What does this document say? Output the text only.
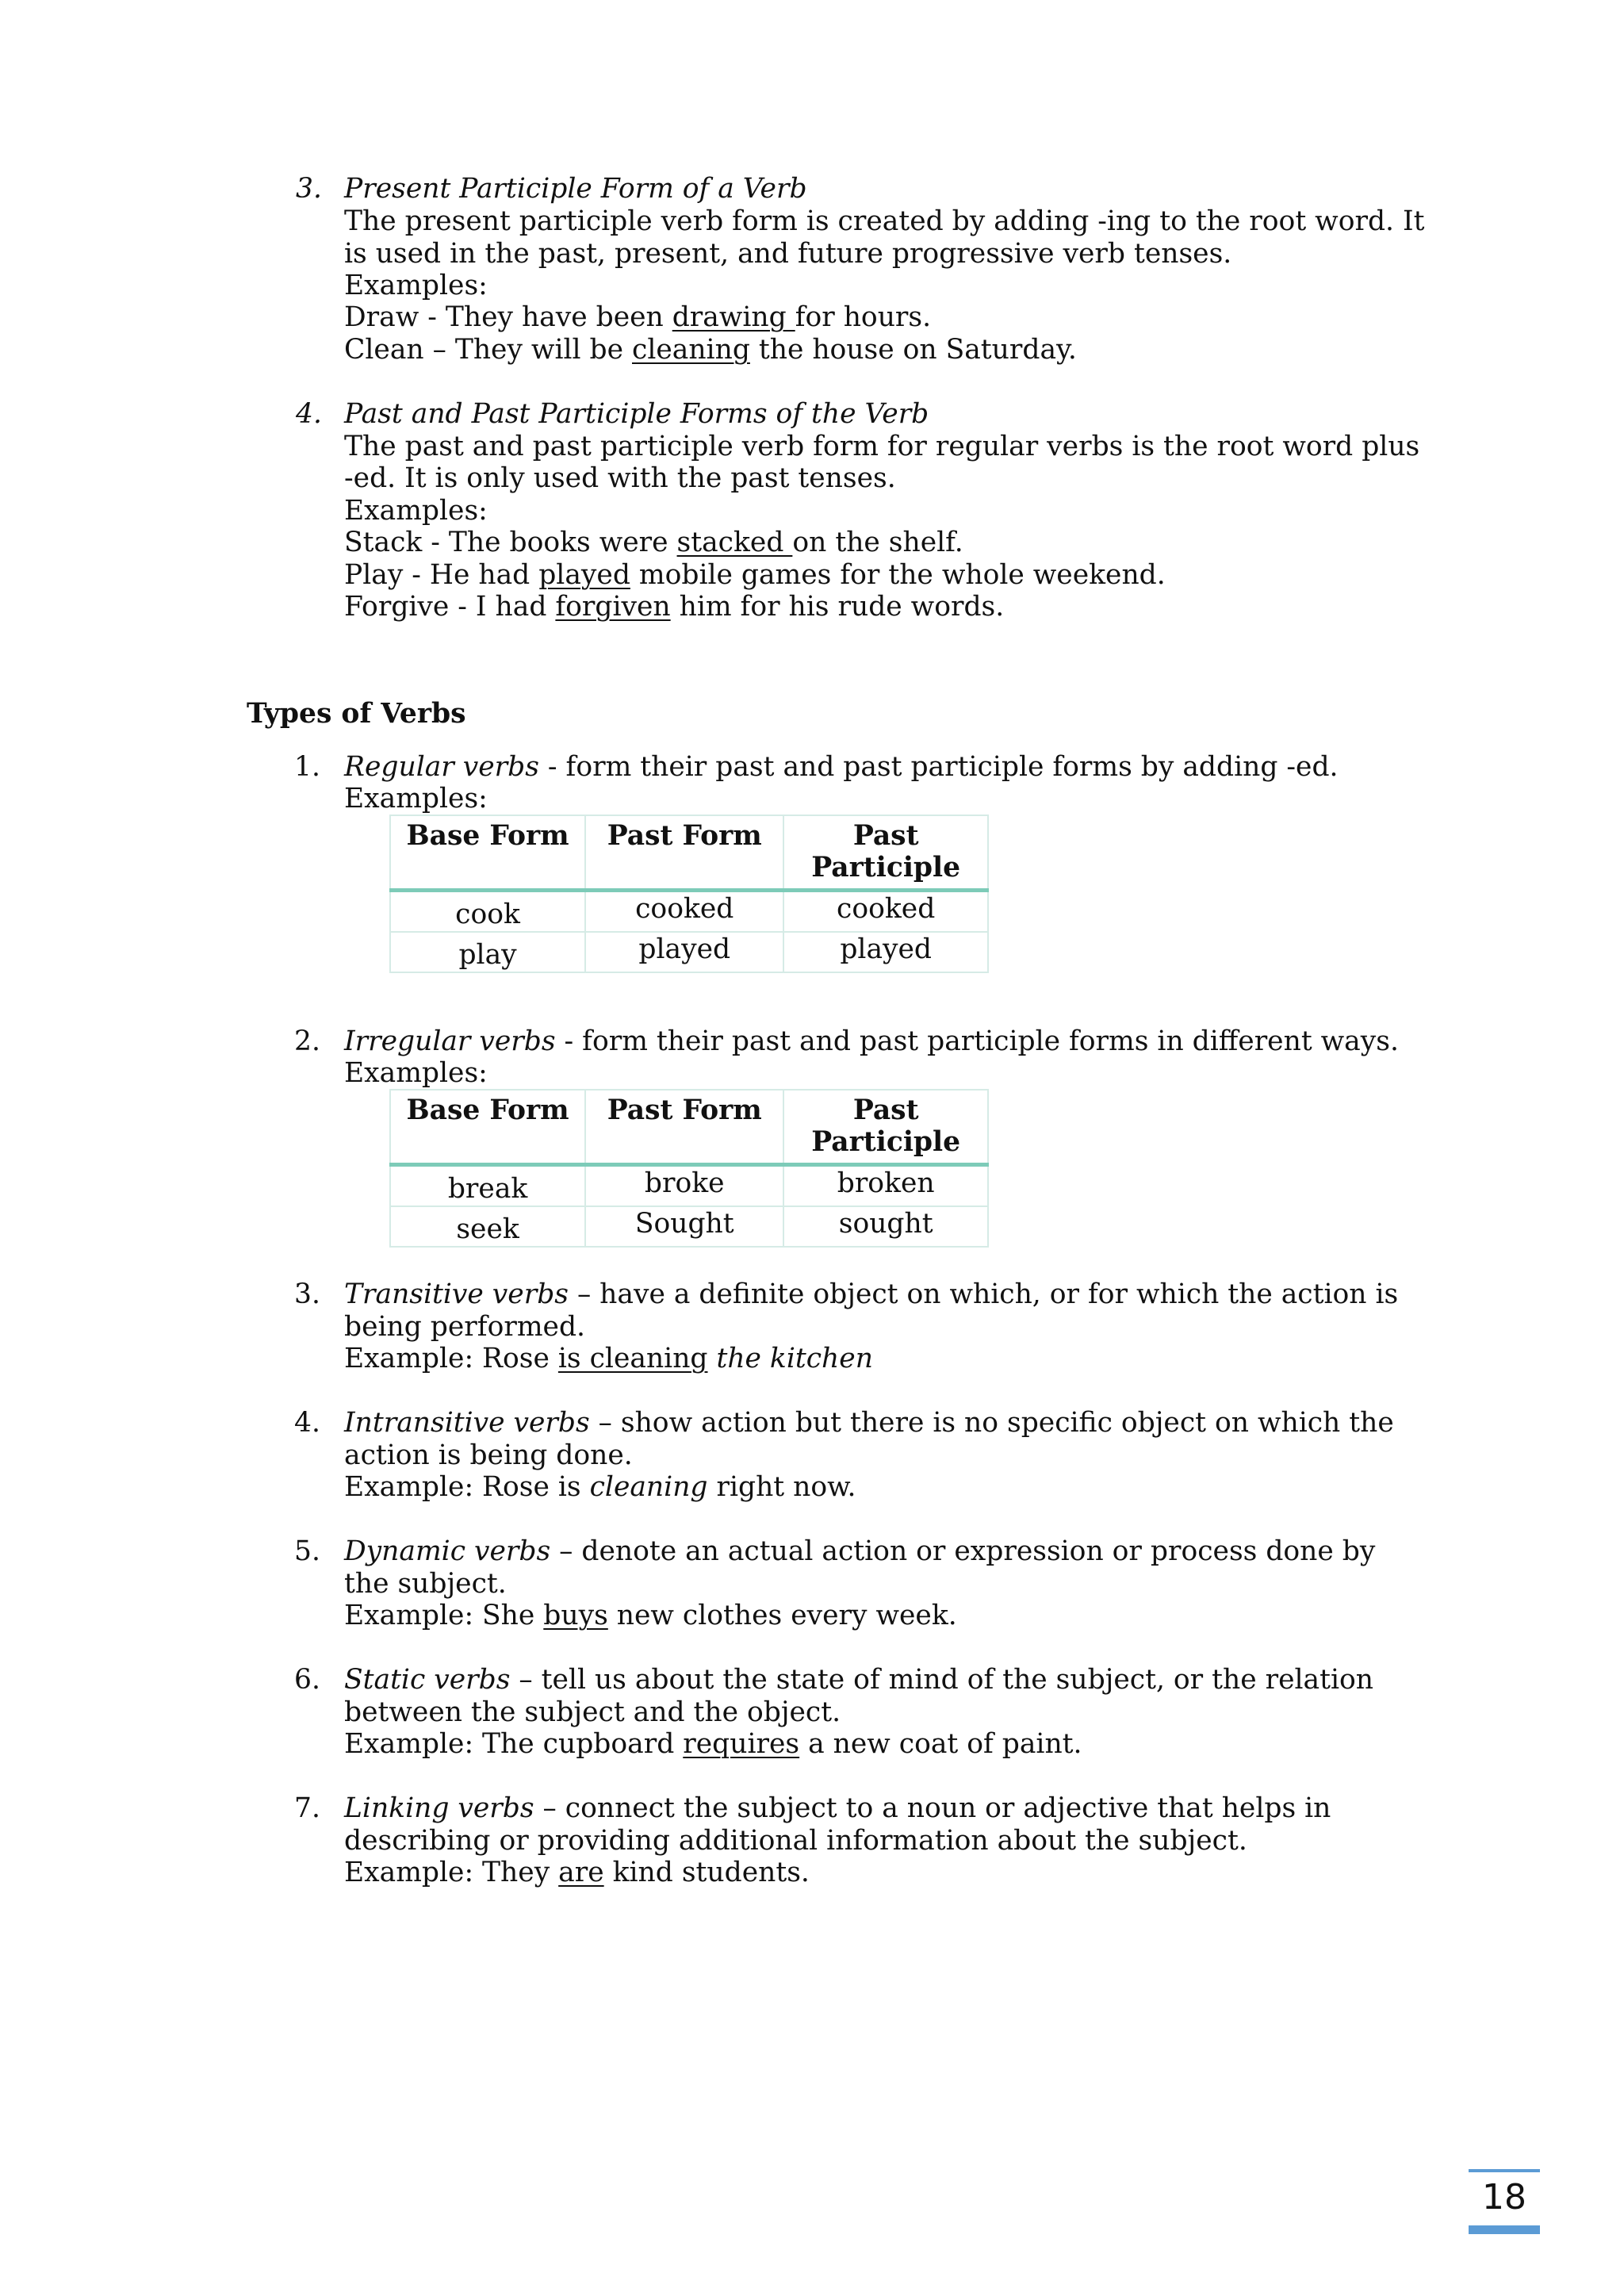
3. Present Participle Form of a Verb

The present participle verb form is created by adding -ing to the root word. It

is used in the past, present, and future progressive verb tenses.

Examples:

Draw - They have been drawing for hours.

Clean – They will be cleaning the house on Saturday.

4. Past and Past Participle Forms of the Verb

The past and past participle verb form for regular verbs is the root word plus

-ed. It is only used with the past tenses.

Examples:

Stack - The books were stacked on the shelf.

Play - He had played mobile games for the whole weekend.

Forgive - I had forgiven him for his rude words.

Types of Verbs
1. Regular verbs - form their past and past participle forms by adding -ed.

Examples:

Base Form	Past Form	Past
Participle
cook	cooked	cooked
play	played	played
2. Irregular verbs - form their past and past participle forms in different ways.

Examples:

Base Form	Past Form	Past
Participle
break	broke	broken
seek	Sought	sought
3. Transitive verbs – have a definite object on which, or for which the action is

being performed.

Example: Rose is cleaning the kitchen

4. Intransitive verbs – show action but there is no specific object on which the

action is being done.

Example: Rose is cleaning right now.

5. Dynamic verbs – denote an actual action or expression or process done by

the subject.

Example: She buys new clothes every week.

6. Static verbs – tell us about the state of mind of the subject, or the relation

between the subject and the object.

Example: The cupboard requires a new coat of paint.

7. Linking verbs – connect the subject to a noun or adjective that helps in

describing or providing additional information about the subject.

Example: They are kind students.

18
